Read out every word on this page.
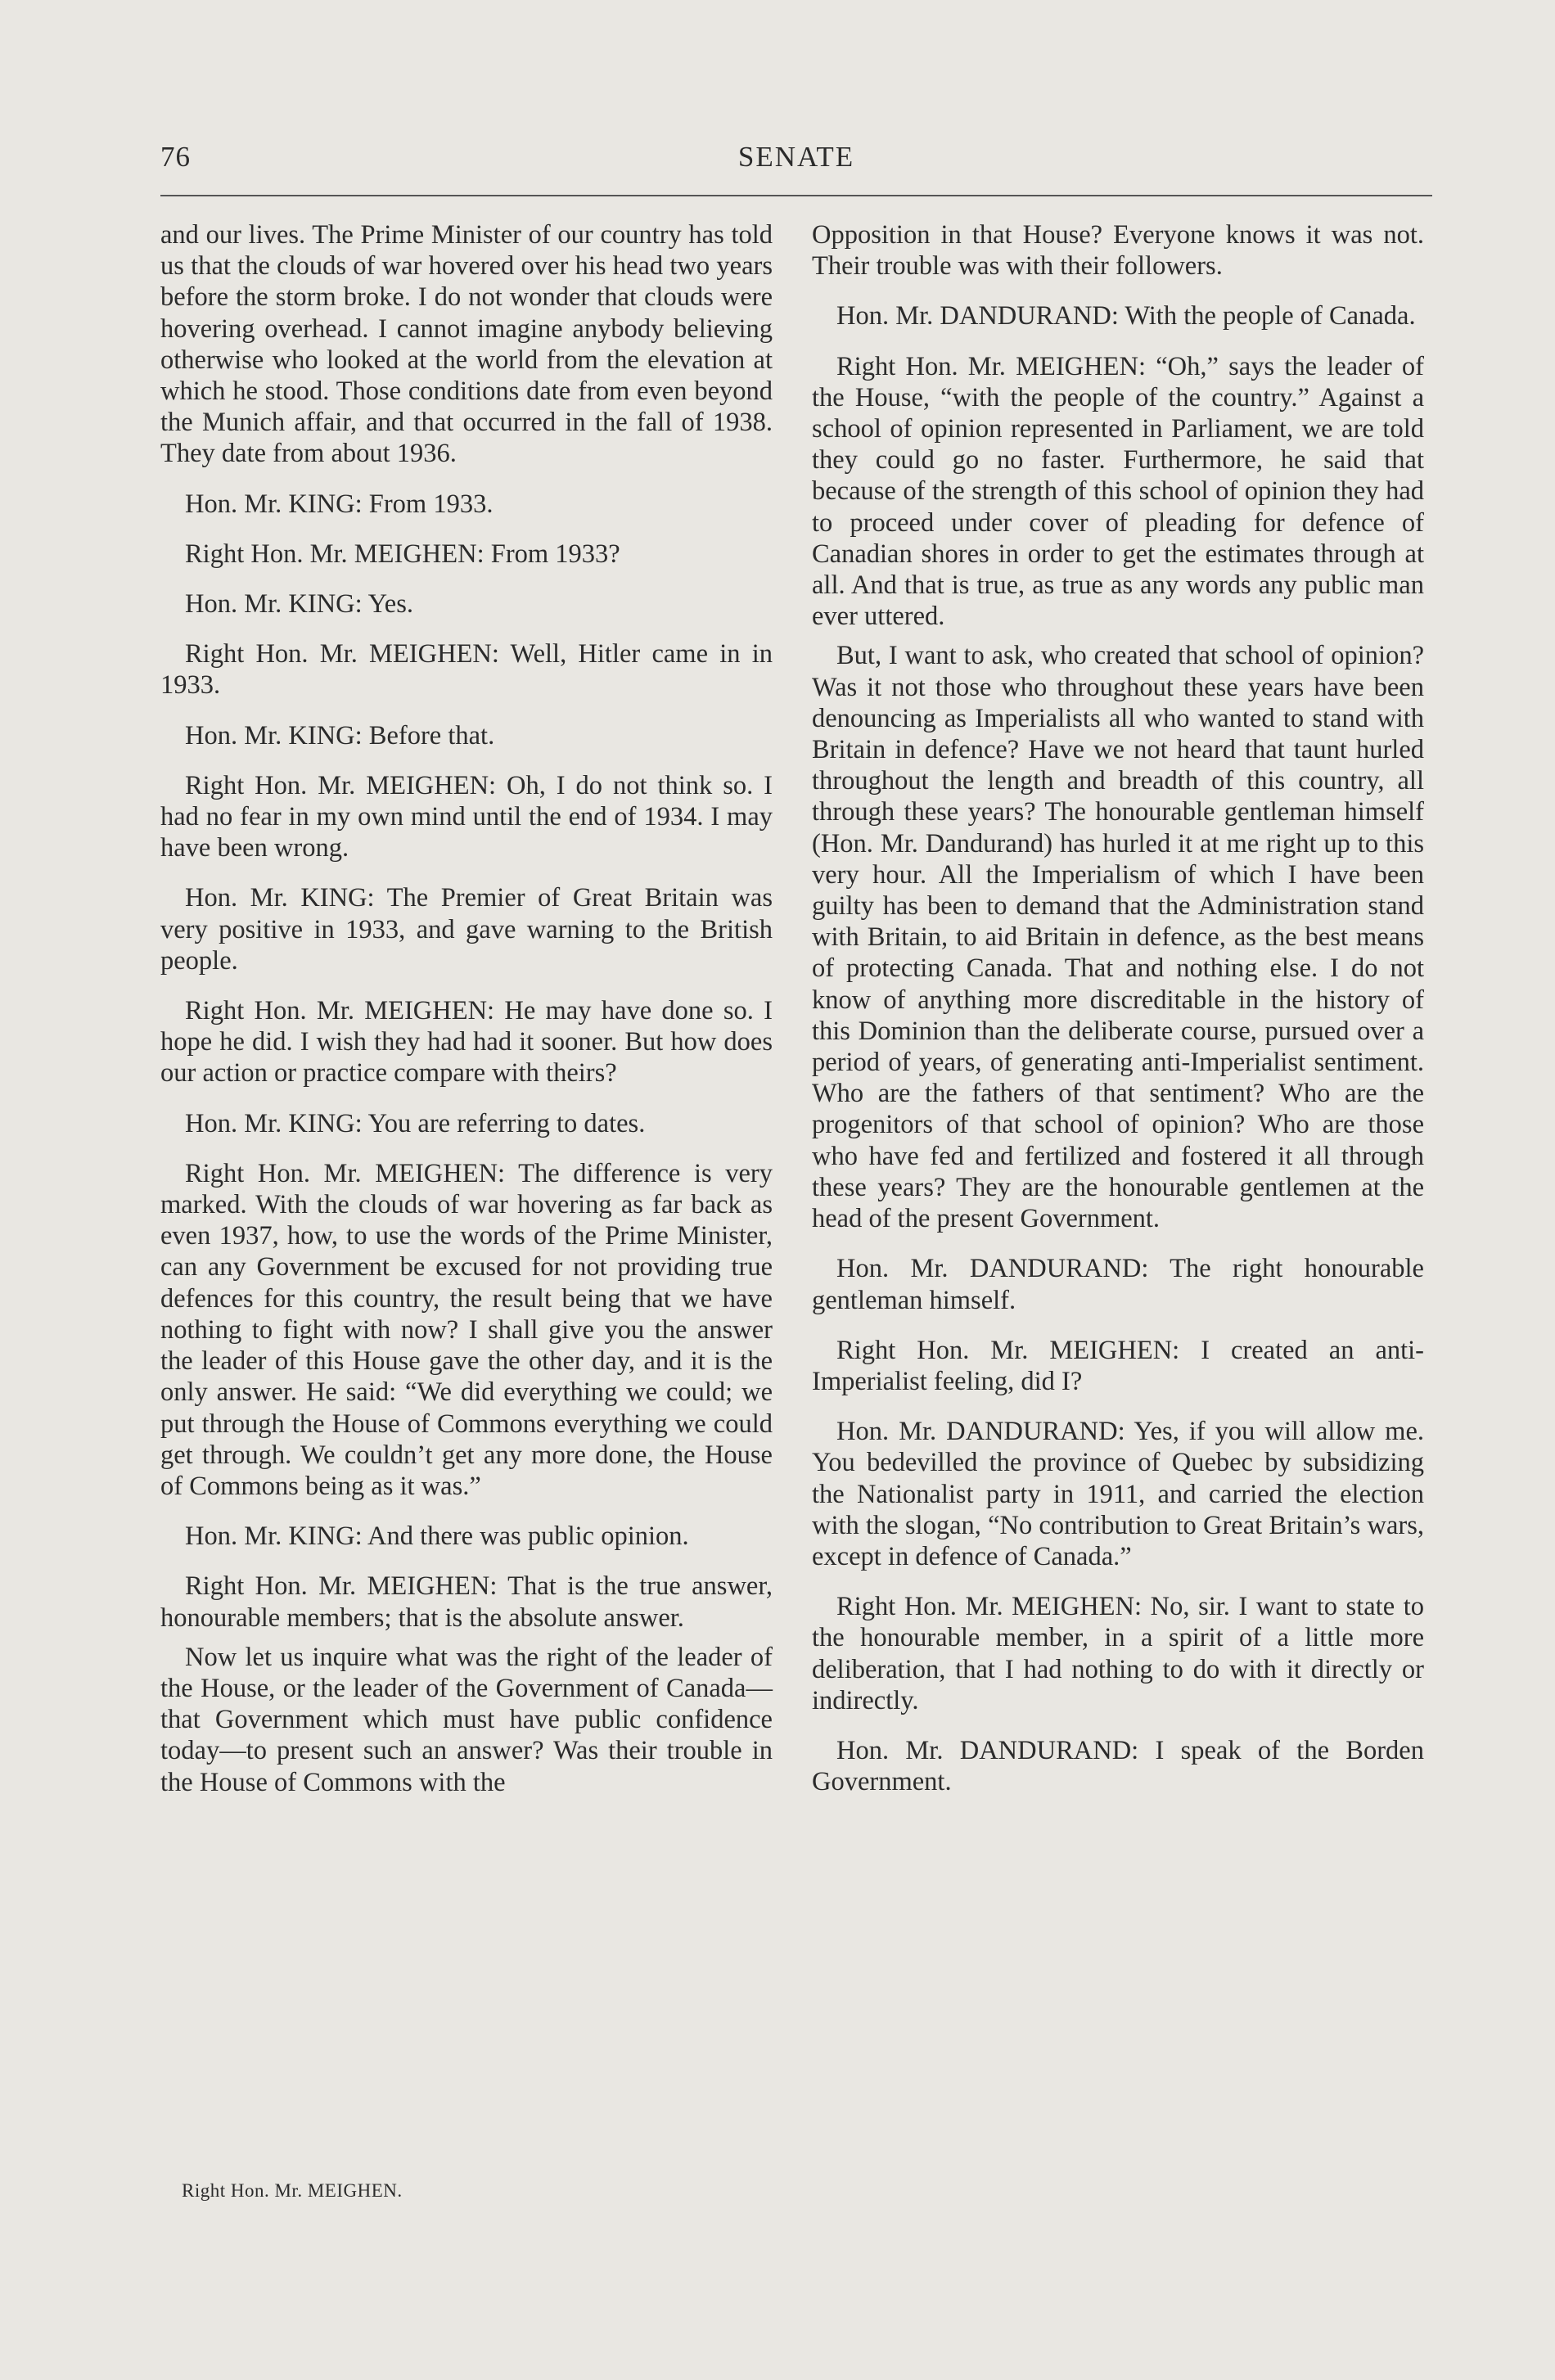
76	SENATE

and our lives. The Prime Minister of our country has told us that the clouds of war hovered over his head two years before the storm broke. I do not wonder that clouds were hovering overhead. I cannot imagine anybody believing otherwise who looked at the world from the elevation at which he stood. Those conditions date from even beyond the Munich affair, and that occurred in the fall of 1938. They date from about 1936.

Hon. Mr. KING: From 1933.

Right Hon. Mr. MEIGHEN: From 1933?

Hon. Mr. KING: Yes.

Right Hon. Mr. MEIGHEN: Well, Hitler came in in 1933.

Hon. Mr. KING: Before that.

Right Hon. Mr. MEIGHEN: Oh, I do not think so. I had no fear in my own mind until the end of 1934. I may have been wrong.

Hon. Mr. KING: The Premier of Great Britain was very positive in 1933, and gave warning to the British people.

Right Hon. Mr. MEIGHEN: He may have done so. I hope he did. I wish they had had it sooner. But how does our action or practice compare with theirs?

Hon. Mr. KING: You are referring to dates.

Right Hon. Mr. MEIGHEN: The difference is very marked. With the clouds of war hovering as far back as even 1937, how, to use the words of the Prime Minister, can any Government be excused for not providing true defences for this country, the result being that we have nothing to fight with now? I shall give you the answer the leader of this House gave the other day, and it is the only answer. He said: “We did everything we could; we put through the House of Commons everything we could get through. We couldn’t get any more done, the House of Commons being as it was.”

Hon. Mr. KING: And there was public opinion.

Right Hon. Mr. MEIGHEN: That is the true answer, honourable members; that is the absolute answer.

Now let us inquire what was the right of the leader of the House, or the leader of the Government of Canada—that Government which must have public confidence today—to present such an answer? Was their trouble in the House of Commons with the

Opposition in that House? Everyone knows it was not. Their trouble was with their followers.

Hon. Mr. DANDURAND: With the people of Canada.

Right Hon. Mr. MEIGHEN: “Oh,” says the leader of the House, “with the people of the country.” Against a school of opinion represented in Parliament, we are told they could go no faster. Furthermore, he said that because of the strength of this school of opinion they had to proceed under cover of pleading for defence of Canadian shores in order to get the estimates through at all. And that is true, as true as any words any public man ever uttered.

But, I want to ask, who created that school of opinion? Was it not those who throughout these years have been denouncing as Imperialists all who wanted to stand with Britain in defence? Have we not heard that taunt hurled throughout the length and breadth of this country, all through these years? The honourable gentleman himself (Hon. Mr. Dandurand) has hurled it at me right up to this very hour. All the Imperialism of which I have been guilty has been to demand that the Administration stand with Britain, to aid Britain in defence, as the best means of protecting Canada. That and nothing else. I do not know of anything more discreditable in the history of this Dominion than the deliberate course, pursued over a period of years, of generating anti-Imperialist sentiment. Who are the fathers of that sentiment? Who are the progenitors of that school of opinion? Who are those who have fed and fertilized and fostered it all through these years? They are the honourable gentlemen at the head of the present Government.

Hon. Mr. DANDURAND: The right honourable gentleman himself.

Right Hon. Mr. MEIGHEN: I created an anti-Imperialist feeling, did I?

Hon. Mr. DANDURAND: Yes, if you will allow me. You bedevilled the province of Quebec by subsidizing the Nationalist party in 1911, and carried the election with the slogan, “No contribution to Great Britain’s wars, except in defence of Canada.”

Right Hon. Mr. MEIGHEN: No, sir. I want to state to the honourable member, in a spirit of a little more deliberation, that I had nothing to do with it directly or indirectly.

Hon. Mr. DANDURAND: I speak of the Borden Government.

Right Hon. Mr. MEIGHEN.
